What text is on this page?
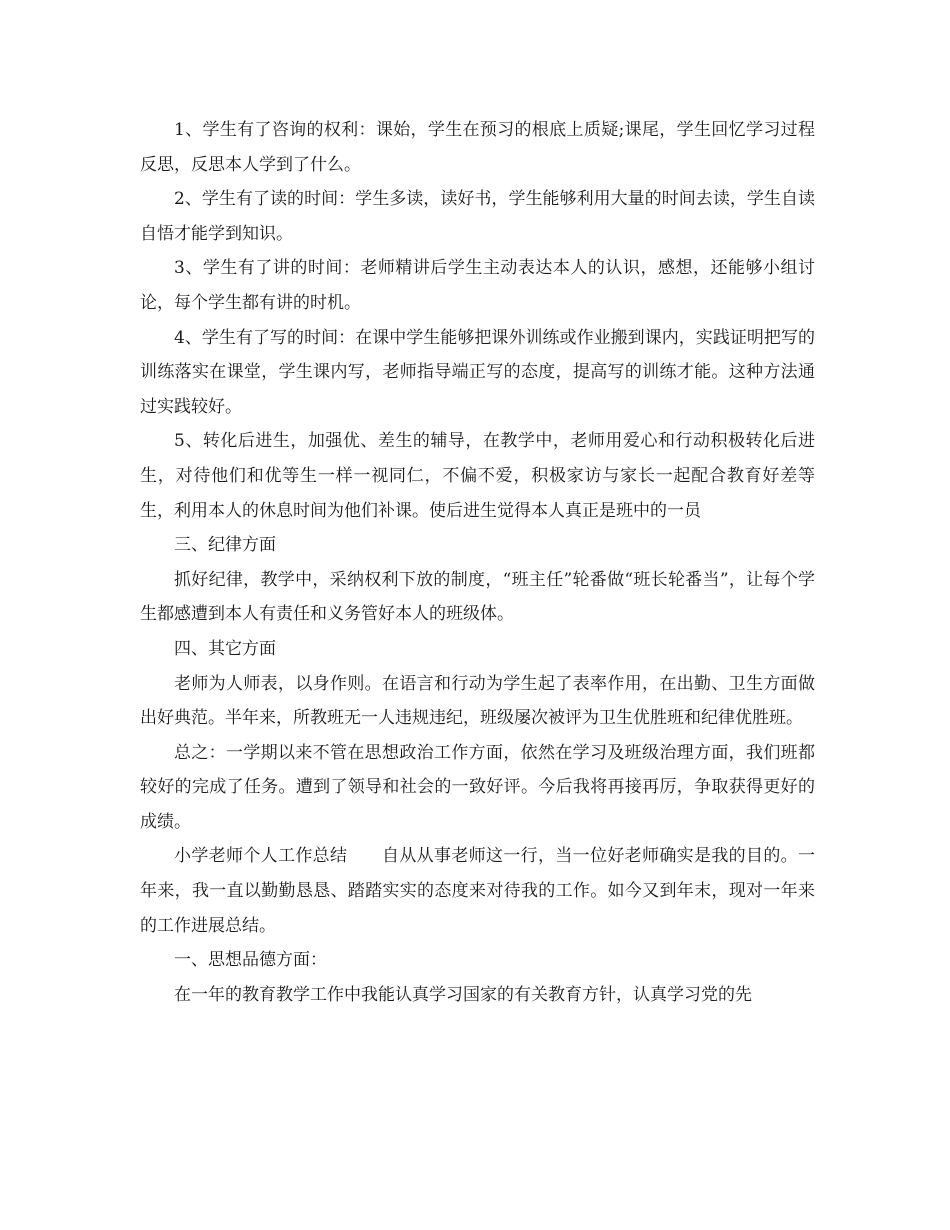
1、学生有了咨询的权利：课始，学生在预习的根底上质疑;课尾，学生回忆学习过程反思，反思本人学到了什么。

2、学生有了读的时间：学生多读，读好书，学生能够利用大量的时间去读，学生自读自悟才能学到知识。

3、学生有了讲的时间：老师精讲后学生主动表达本人的认识，感想，还能够小组讨论，每个学生都有讲的时机。

4、学生有了写的时间：在课中学生能够把课外训练或作业搬到课内，实践证明把写的训练落实在课堂，学生课内写，老师指导端正写的态度，提高写的训练才能。这种方法通过实践较好。

5、转化后进生，加强优、差生的辅导，在教学中，老师用爱心和行动积极转化后进生，对待他们和优等生一样一视同仁，不偏不爱，积极家访与家长一起配合教育好差等生，利用本人的休息时间为他们补课。使后进生觉得本人真正是班中的一员

三、纪律方面

抓好纪律，教学中，采纳权利下放的制度，“班主任”轮番做“班长轮番当”，让每个学生都感遭到本人有责任和义务管好本人的班级体。

四、其它方面

老师为人师表，以身作则。在语言和行动为学生起了表率作用，在出勤、卫生方面做出好典范。半年来，所教班无一人违规违纪，班级屡次被评为卫生优胜班和纪律优胜班。

总之：一学期以来不管在思想政治工作方面，依然在学习及班级治理方面，我们班都较好的完成了任务。遭到了领导和社会的一致好评。今后我将再接再厉，争取获得更好的成绩。

小学老师个人工作总结　　自从从事老师这一行，当一位好老师确实是我的目的。一年来，我一直以勤勤恳恳、踏踏实实的态度来对待我的工作。如今又到年末，现对一年来的工作进展总结。

一、思想品德方面：

在一年的教育教学工作中我能认真学习国家的有关教育方针，认真学习党的先
